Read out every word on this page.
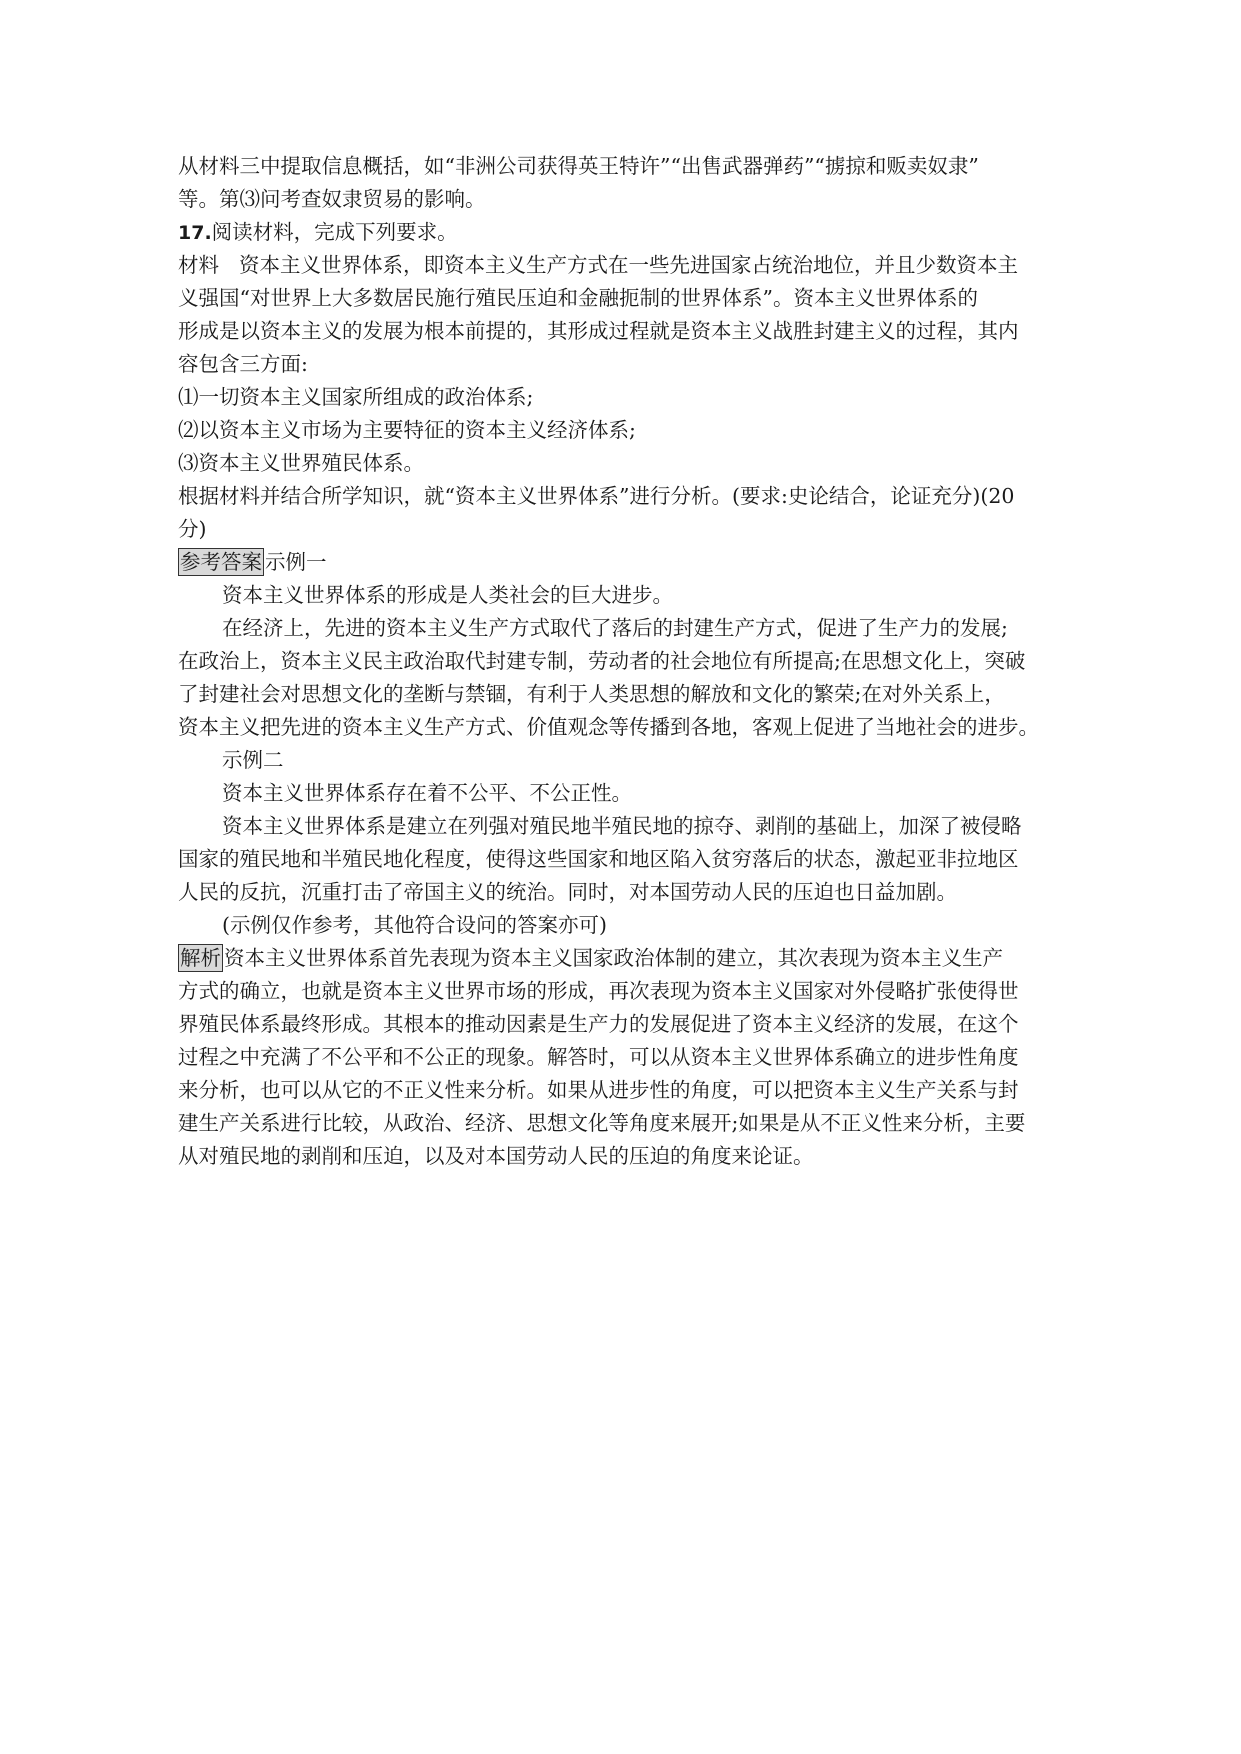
从材料三中提取信息概括，如“非洲公司获得英王特许”“出售武器弹药”“掳掠和贩卖奴隶”
等。第⑶问考查奴隶贸易的影响。
17.阅读材料，完成下列要求。
材料 资本主义世界体系，即资本主义生产方式在一些先进国家占统治地位，并且少数资本主
义强国“对世界上大多数居民施行殖民压迫和金融扼制的世界体系”。资本主义世界体系的
形成是以资本主义的发展为根本前提的，其形成过程就是资本主义战胜封建主义的过程，其内
容包含三方面:
⑴一切资本主义国家所组成的政治体系;
⑵以资本主义市场为主要特征的资本主义经济体系;
⑶资本主义世界殖民体系。
根据材料并结合所学知识，就“资本主义世界体系”进行分析。(要求:史论结合，论证充分)(20
分)
参考答案 示例一
资本主义世界体系的形成是人类社会的巨大进步。
在经济上，先进的资本主义生产方式取代了落后的封建生产方式，促进了生产力的发展;
在政治上，资本主义民主政治取代封建专制，劳动者的社会地位有所提高;在思想文化上，突破
了封建社会对思想文化的垄断与禁锢，有利于人类思想的解放和文化的繁荣;在对外关系上，
资本主义把先进的资本主义生产方式、价值观念等传播到各地，客观上促进了当地社会的进步。
示例二
资本主义世界体系存在着不公平、不公正性。
资本主义世界体系是建立在列强对殖民地半殖民地的掠夺、剥削的基础上，加深了被侵略
国家的殖民地和半殖民地化程度，使得这些国家和地区陷入贫穷落后的状态，激起亚非拉地区
人民的反抗，沉重打击了帝国主义的统治。同时，对本国劳动人民的压迫也日益加剧。
(示例仅作参考，其他符合设问的答案亦可)
解析 资本主义世界体系首先表现为资本主义国家政治体制的建立，其次表现为资本主义生产
方式的确立，也就是资本主义世界市场的形成，再次表现为资本主义国家对外侵略扩张使得世
界殖民体系最终形成。其根本的推动因素是生产力的发展促进了资本主义经济的发展，在这个
过程之中充满了不公平和不公正的现象。解答时，可以从资本主义世界体系确立的进步性角度
来分析，也可以从它的不正义性来分析。如果从进步性的角度，可以把资本主义生产关系与封
建生产关系进行比较，从政治、经济、思想文化等角度来展开;如果是从不正义性来分析，主要
从对殖民地的剥削和压迫，以及对本国劳动人民的压迫的角度来论证。
